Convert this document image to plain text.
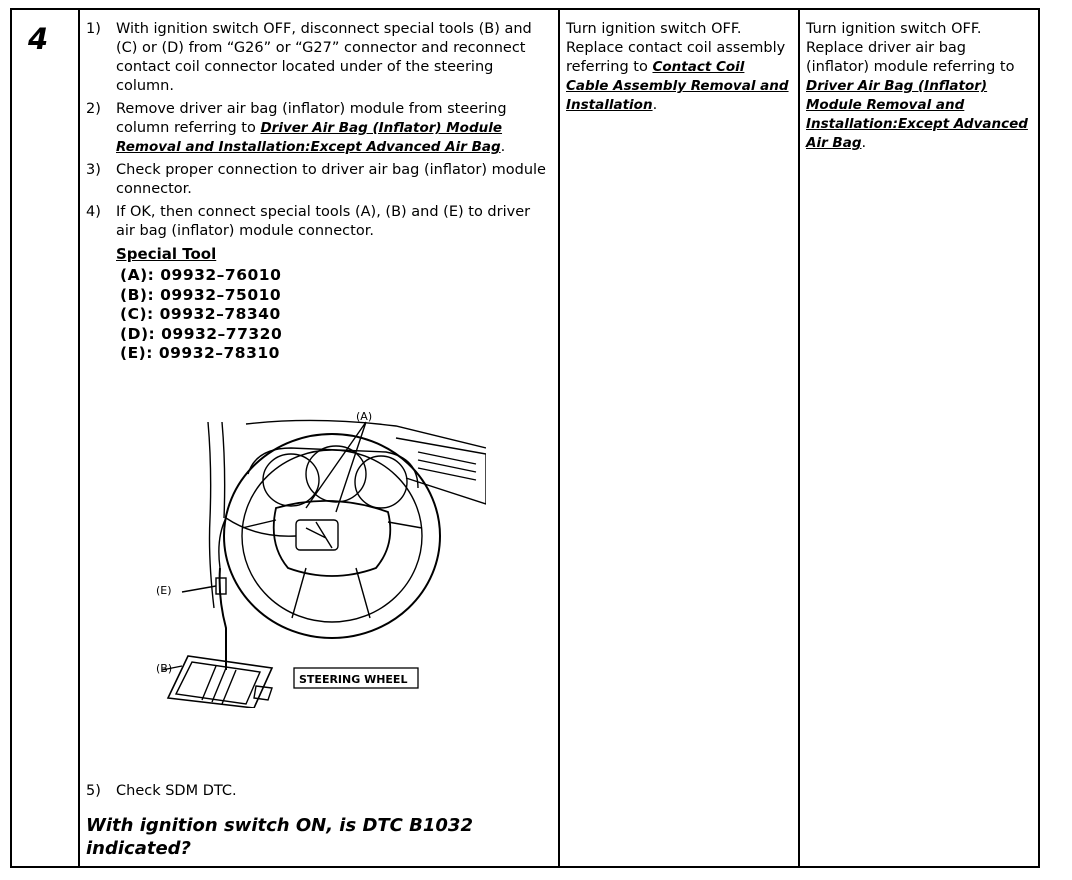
4	1) With ignition switch OFF, disconnect special tools (B) and (C) or (D) from “G26” or “G27” connector and reconnect contact coil connector located under of the steering column.
2) Remove driver air bag (inflator) module from steering column referring to Driver Air Bag (Inflator) Module Removal and Installation:Except Advanced Air Bag.
3) Check proper connection to driver air bag (inflator) module connector.
4) If OK, then connect special tools (A), (B) and (E) to driver air bag (inflator) module connector.
Special Tool
(A): 09932–76010
(B): 09932–75010
(C): 09932–78340
(D): 09932–77320
(E): 09932–78310
(A)
(E)
(B)
STEERING WHEEL
5) Check SDM DTC.
With ignition switch ON, is DTC B1032 indicated?
Turn ignition switch OFF. Replace contact coil assembly referring to Contact Coil Cable Assembly Removal and Installation.
Turn ignition switch OFF. Replace driver air bag (inflator) module referring to Driver Air Bag (Inflator) Module Removal and Installation:Except Advanced Air Bag.
